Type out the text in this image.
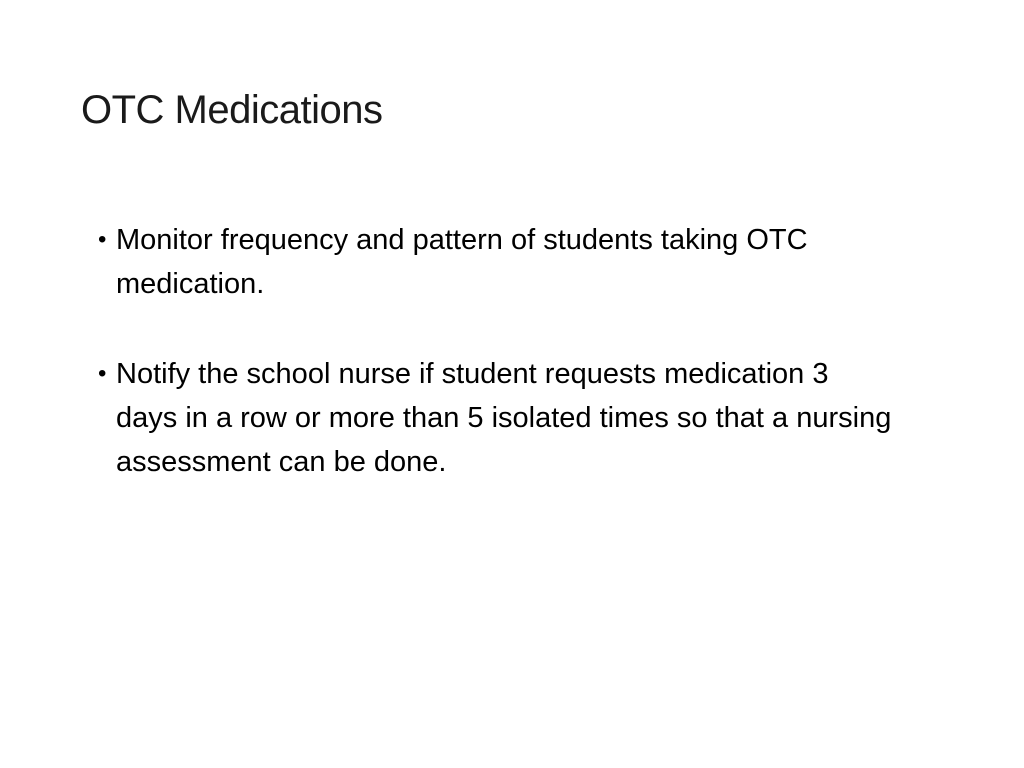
OTC Medications
• Monitor frequency and pattern of students taking OTC medication.
• Notify the school nurse if student requests medication 3 days in a row or more than 5 isolated times so that a nursing assessment can be done.
